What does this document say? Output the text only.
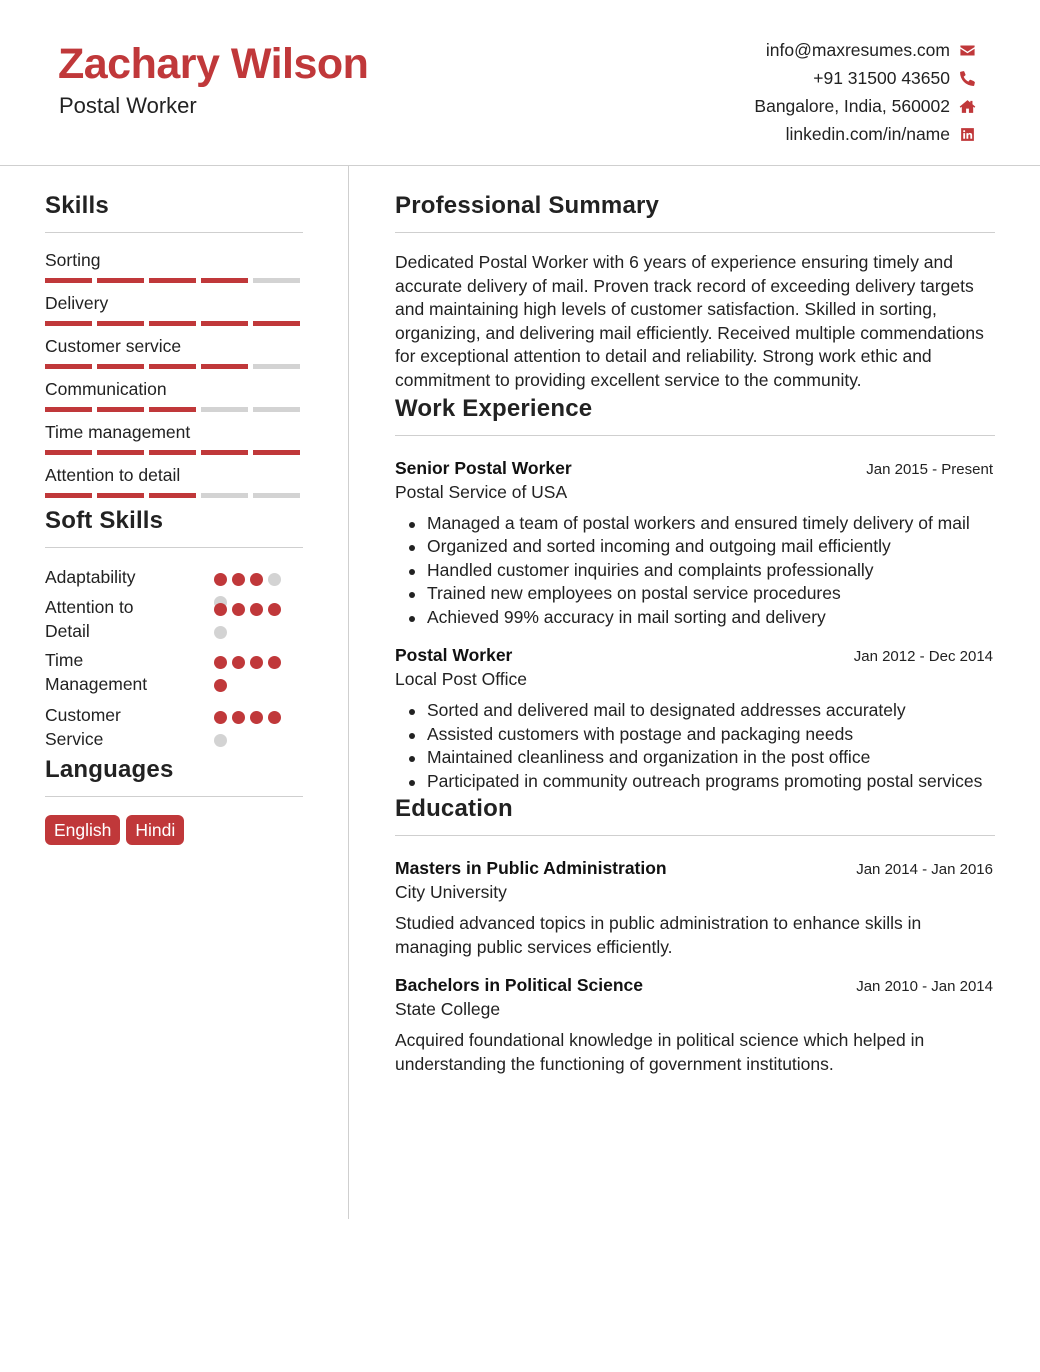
Zachary Wilson
Postal Worker
info@maxresumes.com
+91 31500 43650
Bangalore, India, 560002
linkedin.com/in/name
Skills
Sorting
Delivery
Customer service
Communication
Time management
Attention to detail
Soft Skills
Adaptability
Attention to Detail
Time Management
Customer Service
Languages
English	Hindi
Professional Summary
Dedicated Postal Worker with 6 years of experience ensuring timely and accurate delivery of mail. Proven track record of exceeding delivery targets and maintaining high levels of customer satisfaction. Skilled in sorting, organizing, and delivering mail efficiently. Received multiple commendations for exceptional attention to detail and reliability. Strong work ethic and commitment to providing excellent service to the community.
Work Experience
Senior Postal Worker	Jan 2015 - Present
Postal Service of USA
Managed a team of postal workers and ensured timely delivery of mail
Organized and sorted incoming and outgoing mail efficiently
Handled customer inquiries and complaints professionally
Trained new employees on postal service procedures
Achieved 99% accuracy in mail sorting and delivery
Postal Worker	Jan 2012 - Dec 2014
Local Post Office
Sorted and delivered mail to designated addresses accurately
Assisted customers with postage and packaging needs
Maintained cleanliness and organization in the post office
Participated in community outreach programs promoting postal services
Education
Masters in Public Administration	Jan 2014 - Jan 2016
City University
Studied advanced topics in public administration to enhance skills in managing public services efficiently.
Bachelors in Political Science	Jan 2010 - Jan 2014
State College
Acquired foundational knowledge in political science which helped in understanding the functioning of government institutions.
